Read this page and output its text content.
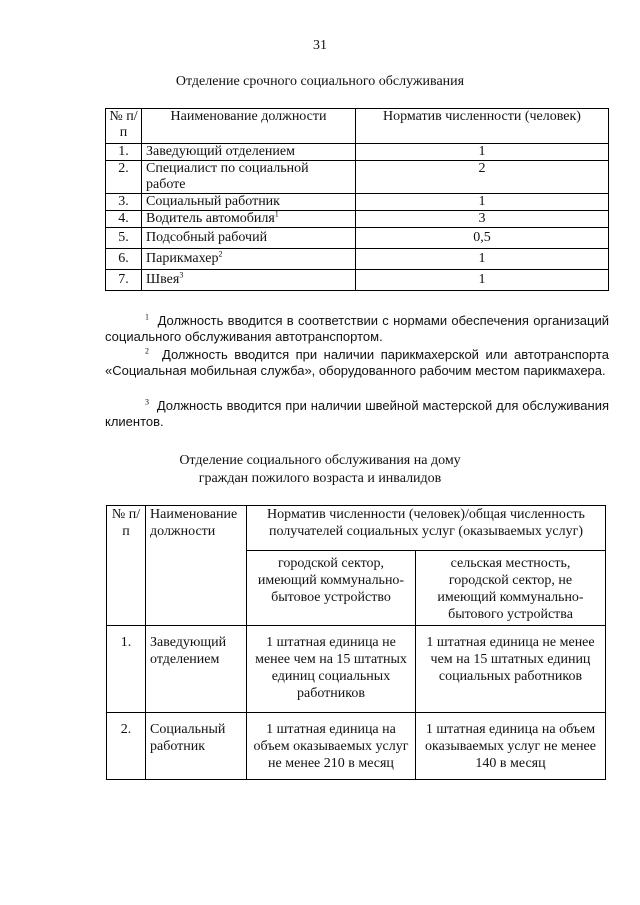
31
Отделение срочного социального обслуживания
№ п/п	Наименование должности	Норматив численности (человек)
1.	Заведующий отделением	1
2.	Специалист по социальной работе	2
3.	Социальный работник	1
4.	Водитель автомобиля$^1$	3
5.	Подсобный рабочий	0,5
6.	Парикмахер$^2$	1
7.	Швея$^3$	1
$^1$ Должность вводится в соответствии с нормами обеспечения организаций социального обслуживания автотранспортом.
$^2$ Должность вводится при наличии парикмахерской или автотранспорта «Социальная мобильная служба», оборудованного рабочим местом парикмахера.
$^3$ Должность вводится при наличии швейной мастерской для обслуживания клиентов.
Отделение социального обслуживания на дому
граждан пожилого возраста и инвалидов
№ п/п	Наименование должности	Норматив численности (человек)/общая численность получателей социальных услуг (оказываемых услуг)	
		городской сектор, имеющий коммунально-бытовое устройство	сельская местность, городской сектор, не имеющий коммунально-бытового устройства
1.	Заведующий отделением	1 штатная единица не менее чем на 15 штатных единиц социальных работников	1 штатная единица не менее чем на 15 штатных единиц социальных работников
2.	Социальный работник	1 штатная единица на объем оказываемых услуг не менее 210 в месяц	1 штатная единица на объем оказываемых услуг не менее 140 в месяц
